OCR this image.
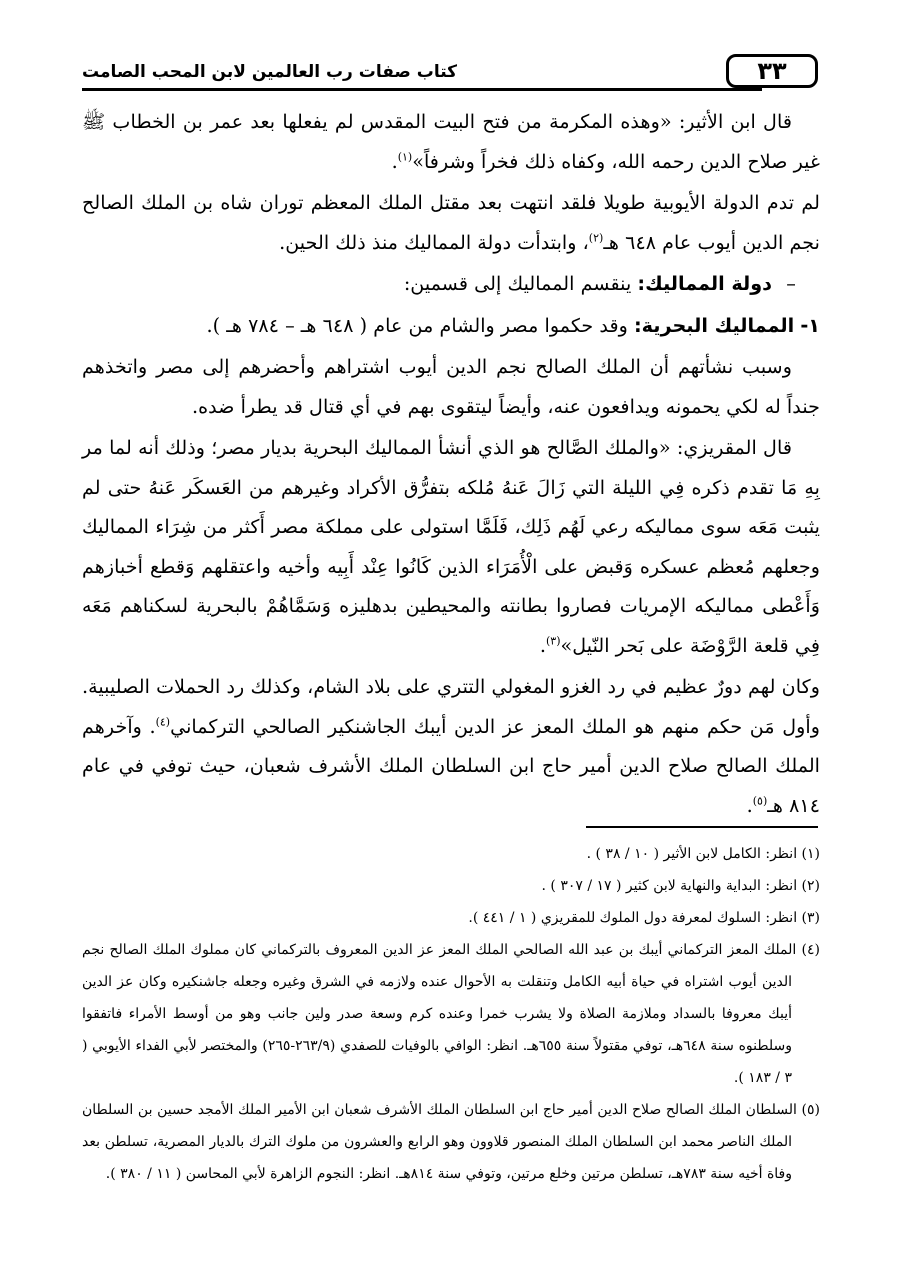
٣٣
كتاب صفات رب العالمين لابن المحب الصامت

قال ابن الأثير: «وهذه المكرمة من فتح البيت المقدس لم يفعلها بعد عمر بن الخطاب ﷺ غير صلاح الدين رحمه الله، وكفاه ذلك فخراً وشرفاً»$^{(١)}$.

لم تدم الدولة الأيوبية طويلا فلقد انتهت بعد مقتل الملك المعظم توران شاه بن الملك الصالح نجم الدين أيوب عام ٦٤٨ هـ$^{(٢)}$، وابتدأت دولة المماليك منذ ذلك الحين.

–دولة المماليك: ينقسم المماليك إلى قسمين:

١- المماليك البحرية: وقد حكموا مصر والشام من عام ( ٦٤٨ هـ – ٧٨٤ هـ ).

وسبب نشأتهم أن الملك الصالح نجم الدين أيوب اشتراهم وأحضرهم إلى مصر واتخذهم جنداً له لكي يحمونه ويدافعون عنه، وأيضاً ليتقوى بهم في أي قتال قد يطرأ ضده.

قال المقريزي: «والملك الصَّالح هو الذي أنشأ المماليك البحرية بديار مصر؛ وذلك أنه لما مر بِهِ مَا تقدم ذكره فِي الليلة التي زَالَ عَنهُ مُلكه بتفرُّق الأكراد وغيرهم من العَسكَر عَنهُ حتى لم يثبت مَعَه سوى مماليكه رعي لَهُم ذَلِك، فَلَمَّا استولى على مملكة مصر أَكثر من شِرَاء المماليك وجعلهم مُعظم عسكره وَقبض على الْأُمَرَاء الذين كَانُوا عِنْد أَبِيه وأخيه واعتقلهم وَقطع أخبازهم وَأَعْطى مماليكه الإمريات فصاروا بطانته والمحيطين بدهليزه وَسَمَّاهُمْ بالبحرية لسكناهم مَعَه فِي قلعة الرَّوْضَة على بَحر النّيل»$^{(٣)}$.

وكان لهم دورٌ عظيم في رد الغزو المغولي التتري على بلاد الشام، وكذلك رد الحملات الصليبية. وأول مَن حكم منهم هو الملك المعز عز الدين أيبك الجاشنكير الصالحي التركماني$^{(٤)}$. وآخرهم الملك الصالح صلاح الدين أمير حاج ابن السلطان الملك الأشرف شعبان، حيث توفي في عام ٨١٤ هـ$^{(٥)}$.

(١) انظر: الكامل لابن الأثير ( ١٠ / ٣٨ ) .

(٢) انظر: البداية والنهاية لابن كثير ( ١٧ / ٣٠٧ ) .

(٣) انظر: السلوك لمعرفة دول الملوك للمقريزي ( ١ / ٤٤١ ).

(٤) الملك المعز التركماني أيبك بن عبد الله الصالحي الملك المعز عز الدين المعروف بالتركماني كان مملوك الملك الصالح نجم الدين أيوب اشتراه في حياة أبيه الكامل وتنقلت به الأحوال عنده ولازمه في الشرق وغيره وجعله جاشنكيره وكان عز الدين أيبك معروفا بالسداد وملازمة الصلاة ولا يشرب خمرا وعنده كرم وسعة صدر ولين جانب وهو من أوسط الأمراء فاتفقوا وسلطنوه سنة ٦٤٨هـ، توفي مقتولاً سنة ٦٥٥هـ. انظر: الوافي بالوفيات للصفدي (٢٦٣/٩-٢٦٥) والمختصر لأبي الفداء الأيوبي ( ٣ / ١٨٣ ).

(٥) السلطان الملك الصالح صلاح الدين أمير حاج ابن السلطان الملك الأشرف شعبان ابن الأمير الملك الأمجد حسين بن السلطان الملك الناصر محمد ابن السلطان الملك المنصور قلاوون وهو الرابع والعشرون من ملوك الترك بالديار المصرية، تسلطن بعد وفاة أخيه سنة ٧٨٣هـ، تسلطن مرتين وخلع مرتين، وتوفي سنة ٨١٤هـ. انظر: النجوم الزاهرة لأبي المحاسن ( ١١ / ٣٨٠ ).
